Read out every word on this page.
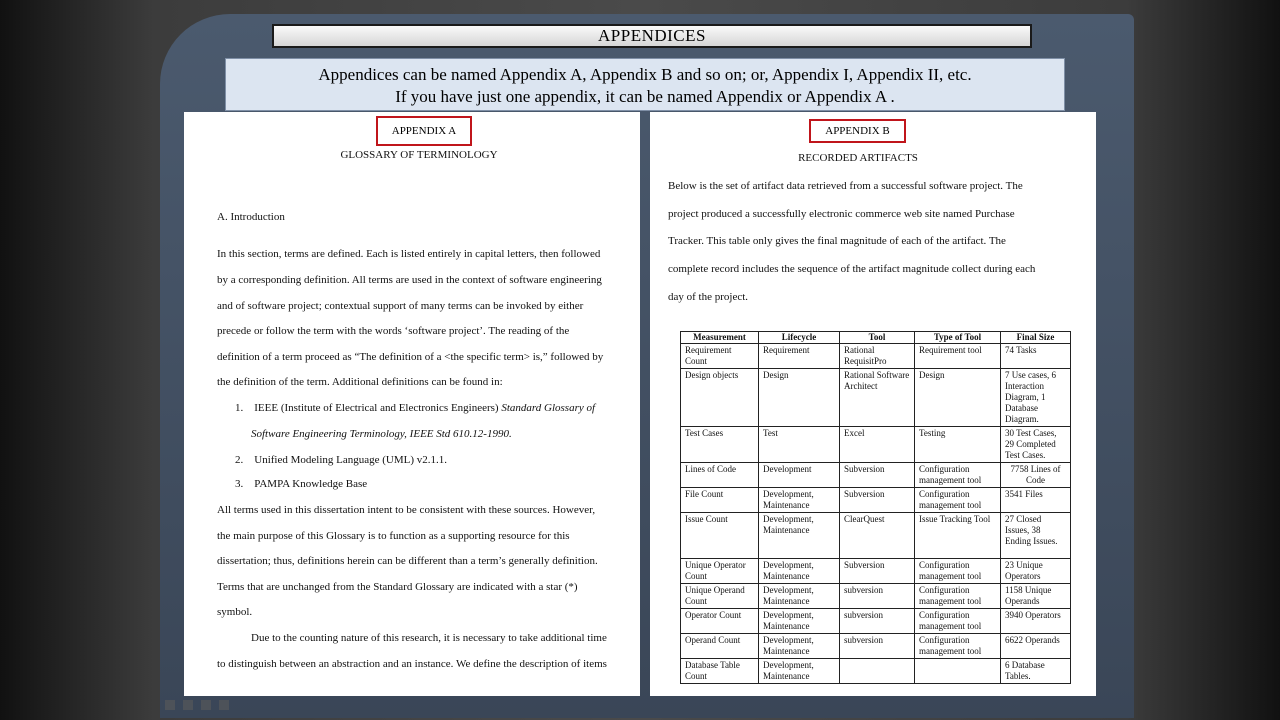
APPENDICES
Appendices can be named Appendix A, Appendix B and so on; or, Appendix I, Appendix II, etc.
If you have just one appendix, it can be named Appendix or Appendix A .
APPENDIX A
GLOSSARY OF TERMINOLOGY
A. Introduction
In this section, terms are defined. Each is listed entirely in capital letters, then followed
by a corresponding definition. All terms are used in the context of software engineering
and of software project; contextual support of many terms can be invoked by either
precede or follow the term with the words ‘software project’. The reading of the
definition of a term proceed as “The definition of a <the specific term> is,” followed by
the definition of the term. Additional definitions can be found in:
1. IEEE (Institute of Electrical and Electronics Engineers) Standard Glossary of
Software Engineering Terminology, IEEE Std 610.12-1990.
2. Unified Modeling Language (UML) v2.1.1.
3. PAMPA Knowledge Base
All terms used in this dissertation intent to be consistent with these sources. However,
the main purpose of this Glossary is to function as a supporting resource for this
dissertation; thus, definitions herein can be different than a term’s generally definition.
Terms that are unchanged from the Standard Glossary are indicated with a star (*)
symbol.
Due to the counting nature of this research, it is necessary to take additional time
to distinguish between an abstraction and an instance. We define the description of items
APPENDIX B
RECORDED ARTIFACTS
Below is the set of artifact data retrieved from a successful software project. The
project produced a successfully electronic commerce web site named Purchase
Tracker. This table only gives the final magnitude of each of the artifact. The
complete record includes the sequence of the artifact magnitude collect during each
day of the project.
Measurement	Lifecycle	Tool	Type of Tool	Final Size
Requirement Count	Requirement	Rational RequisitPro	Requirement tool	74 Tasks
Design objects	Design	Rational Software Architect	Design	7 Use cases, 6 Interaction Diagram, 1 Database Diagram.
Test Cases	Test	Excel	Testing	30 Test Cases, 29 Completed Test Cases.
Lines of Code	Development	Subversion	Configuration management tool	7758 Lines of Code
File Count	Development, Maintenance	Subversion	Configuration management tool	3541 Files
Issue Count	Development, Maintenance	ClearQuest	Issue Tracking Tool	27 Closed Issues, 38 Ending Issues.
Unique Operator Count	Development, Maintenance	Subversion	Configuration management tool	23 Unique Operators
Unique Operand Count	Development, Maintenance	subversion	Configuration management tool	1158 Unique Operands
Operator Count	Development, Maintenance	subversion	Configuration management tool	3940 Operators
Operand Count	Development, Maintenance	subversion	Configuration management tool	6622 Operands
Database Table Count	Development, Maintenance			6 Database Tables.
